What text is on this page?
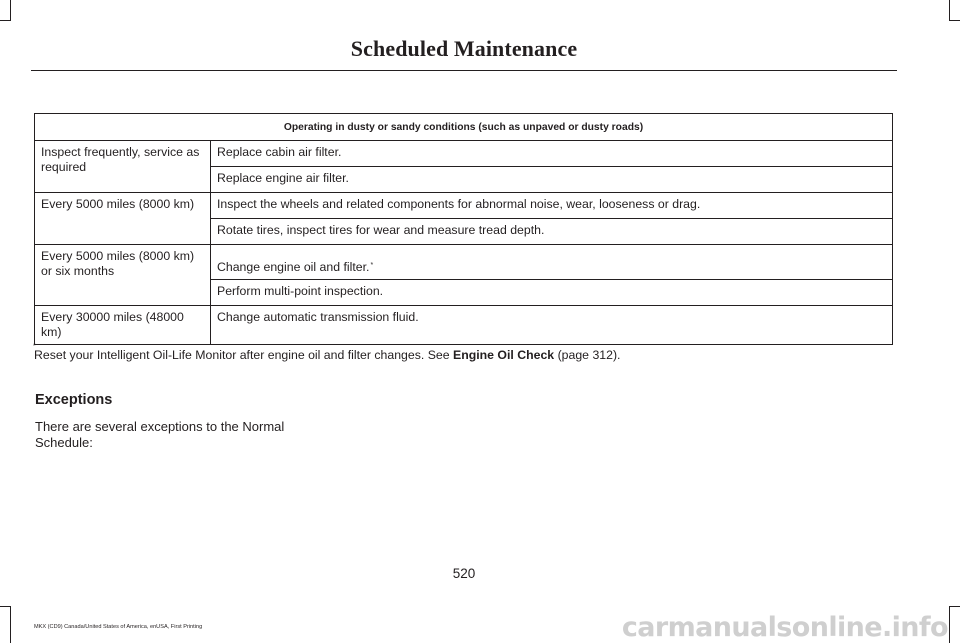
Scheduled Maintenance
Operating in dusty or sandy conditions (such as unpaved or dusty roads)	
Inspect frequently, service as required	Replace cabin air filter.
	Replace engine air filter.
Every 5000 miles (8000 km)	Inspect the wheels and related components for abnormal noise, wear, looseness or drag.
	Rotate tires, inspect tires for wear and measure tread depth.
Every 5000 miles (8000 km) or six months	Change engine oil and filter.*
	Perform multi-point inspection.
Every 30000 miles (48000 km)	Change automatic transmission fluid.
*
Reset your Intelligent Oil-Life Monitor after engine oil and filter changes. See Engine Oil Check (page 312).
Exceptions
There are several exceptions to the Normal Schedule:
520
MKX (CD9) Canada/United States of America, enUSA, First Printing	carmanualsonline.info
